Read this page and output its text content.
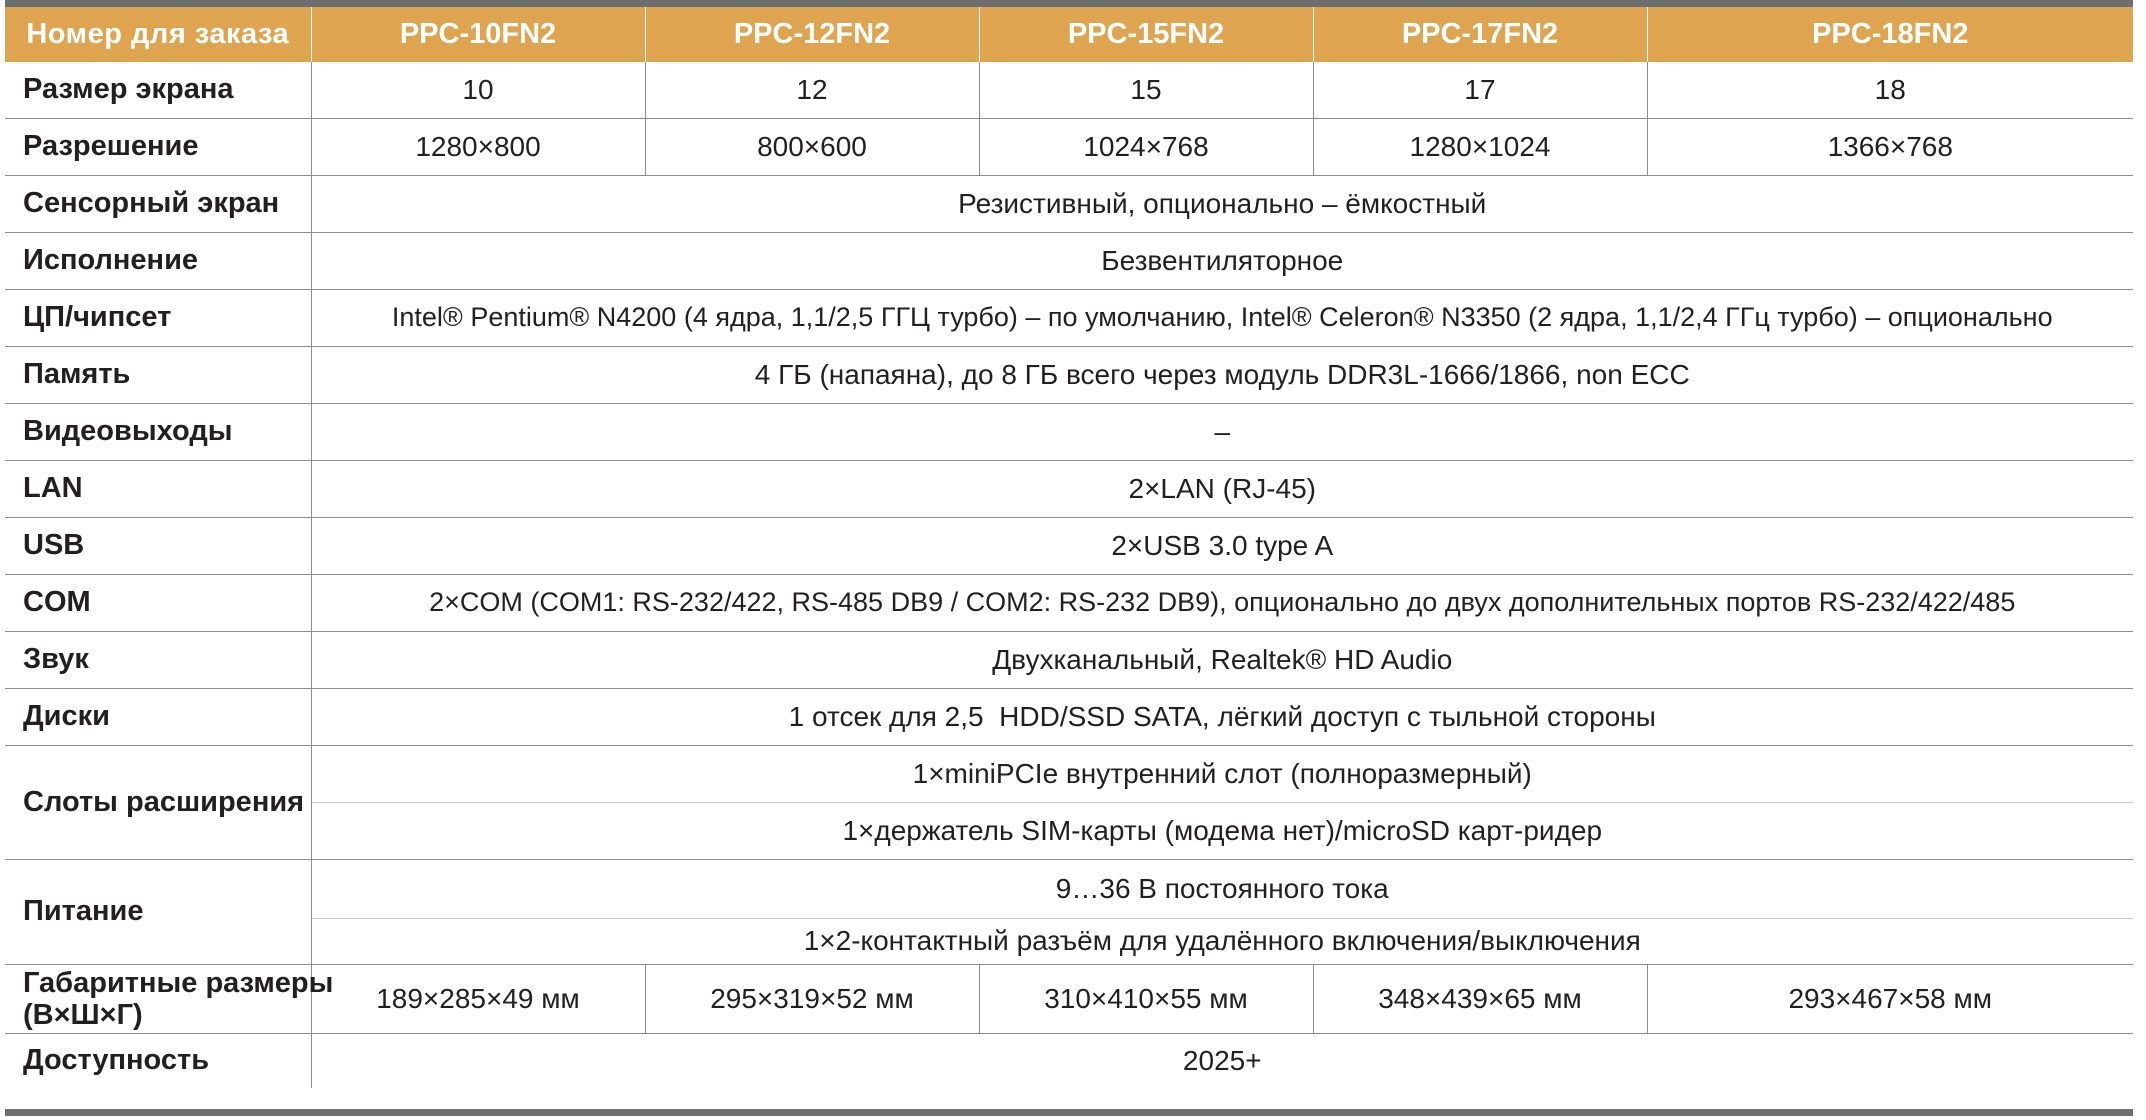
Номер для заказа	PPC-10FN2	PPC-12FN2	PPC-15FN2	PPC-17FN2	PPC-18FN2
Размер экрана	10	12	15	17	18
Разрешение	1280×800	800×600	1024×768	1280×1024	1366×768
Сенсорный экран	Резистивный, опционально – ёмкостный				
Исполнение	Безвентиляторное				
ЦП/чипсет	Intel® Pentium® N4200 (4 ядра, 1,1/2,5 ГГЦ турбо) – по умолчанию, Intel® Celeron® N3350 (2 ядра, 1,1/2,4 ГГц турбо) – опционально				
Память	4 ГБ (напаяна), до 8 ГБ всего через модуль DDR3L-1666/1866, non ECC				
Видеовыходы	–				
LAN	2×LAN (RJ-45)				
USB	2×USB 3.0 type A				
COM	2×COM (COM1: RS-232/422, RS-485 DB9 / COM2: RS-232 DB9), опционально до двух дополнительных портов RS-232/422/485				
Звук	Двухканальный, Realtek® HD Audio				
Диски	1 отсек для 2,5  HDD/SSD SATA, лёгкий доступ с тыльной стороны				
Слоты расширения	1×miniPCIe внутренний слот (полноразмерный)				
	1×держатель SIM-карты (модема нет)/microSD карт-ридер				
Питание	9…36 В постоянного тока				
	1×2-контактный разъём для удалённого включения/выключения				
Габаритные размеры
(В×Ш×Г)	189×285×49 мм	295×319×52 мм	310×410×55 мм	348×439×65 мм	293×467×58 мм
Доступность	2025+				
